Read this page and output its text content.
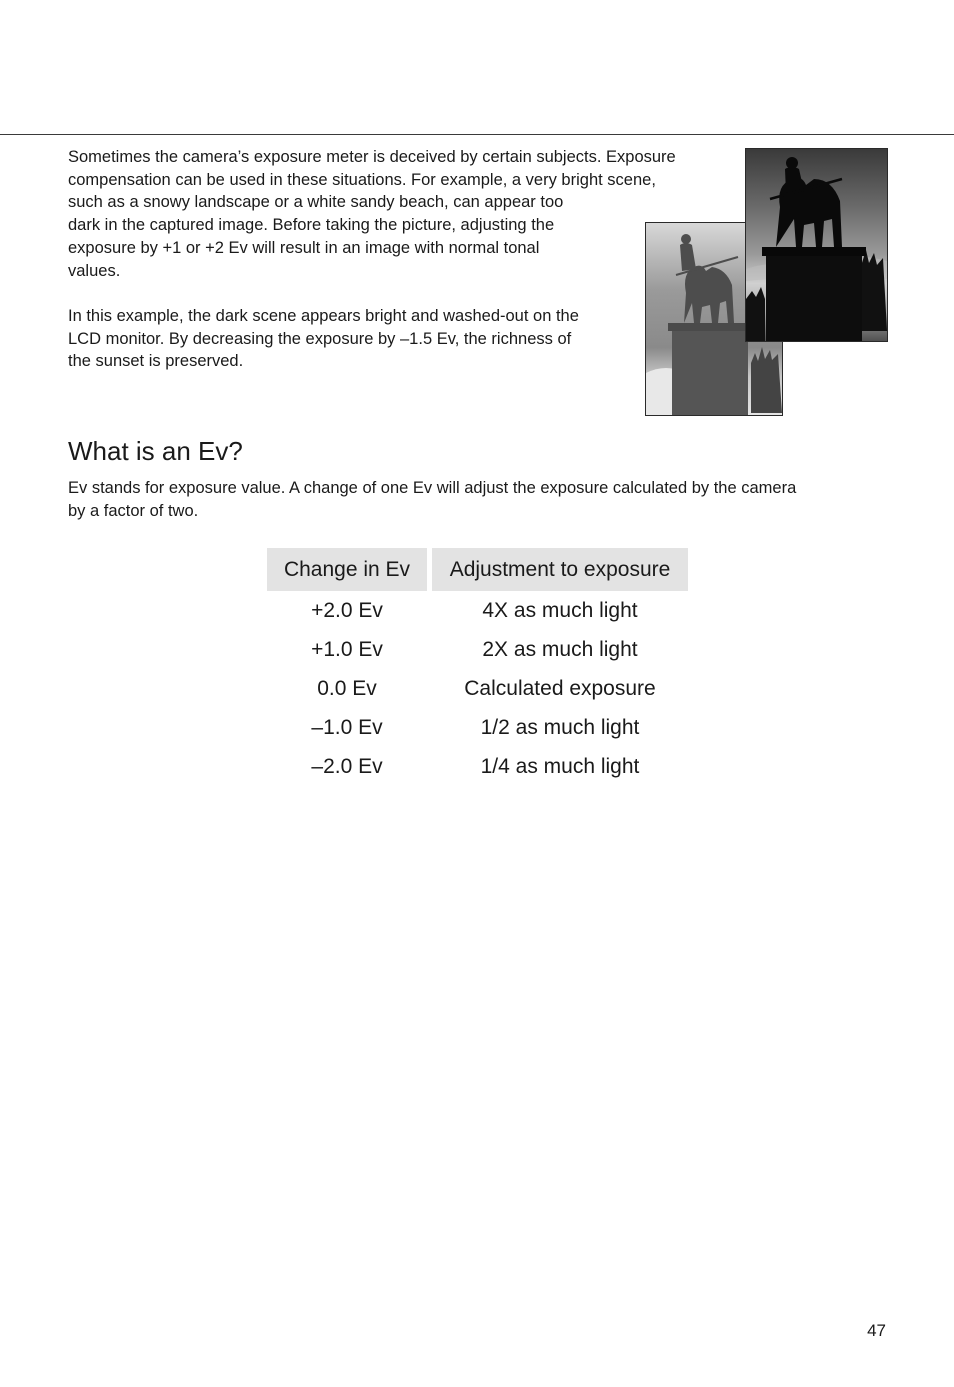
Sometimes the camera’s exposure meter is deceived by certain subjects. Exposure
compensation can be used in these situations. For example, a very bright scene,
such as a snowy landscape or a white sandy beach, can appear too
dark in the captured image. Before taking the picture, adjusting the
exposure by +1 or +2 Ev will result in an image with normal tonal
values.
In this example, the dark scene appears bright and washed-out on the
LCD monitor. By decreasing the exposure by –1.5 Ev, the richness of
the sunset is preserved.
What is an Ev?
Ev stands for exposure value. A change of one Ev will adjust the exposure calculated by the camera
by a factor of two.
Change in Ev	Adjustment to exposure
+2.0 Ev	4X as much light
+1.0 Ev	2X as much light
0.0 Ev	Calculated exposure
–1.0 Ev	1/2 as much light
–2.0 Ev	1/4 as much light
47
